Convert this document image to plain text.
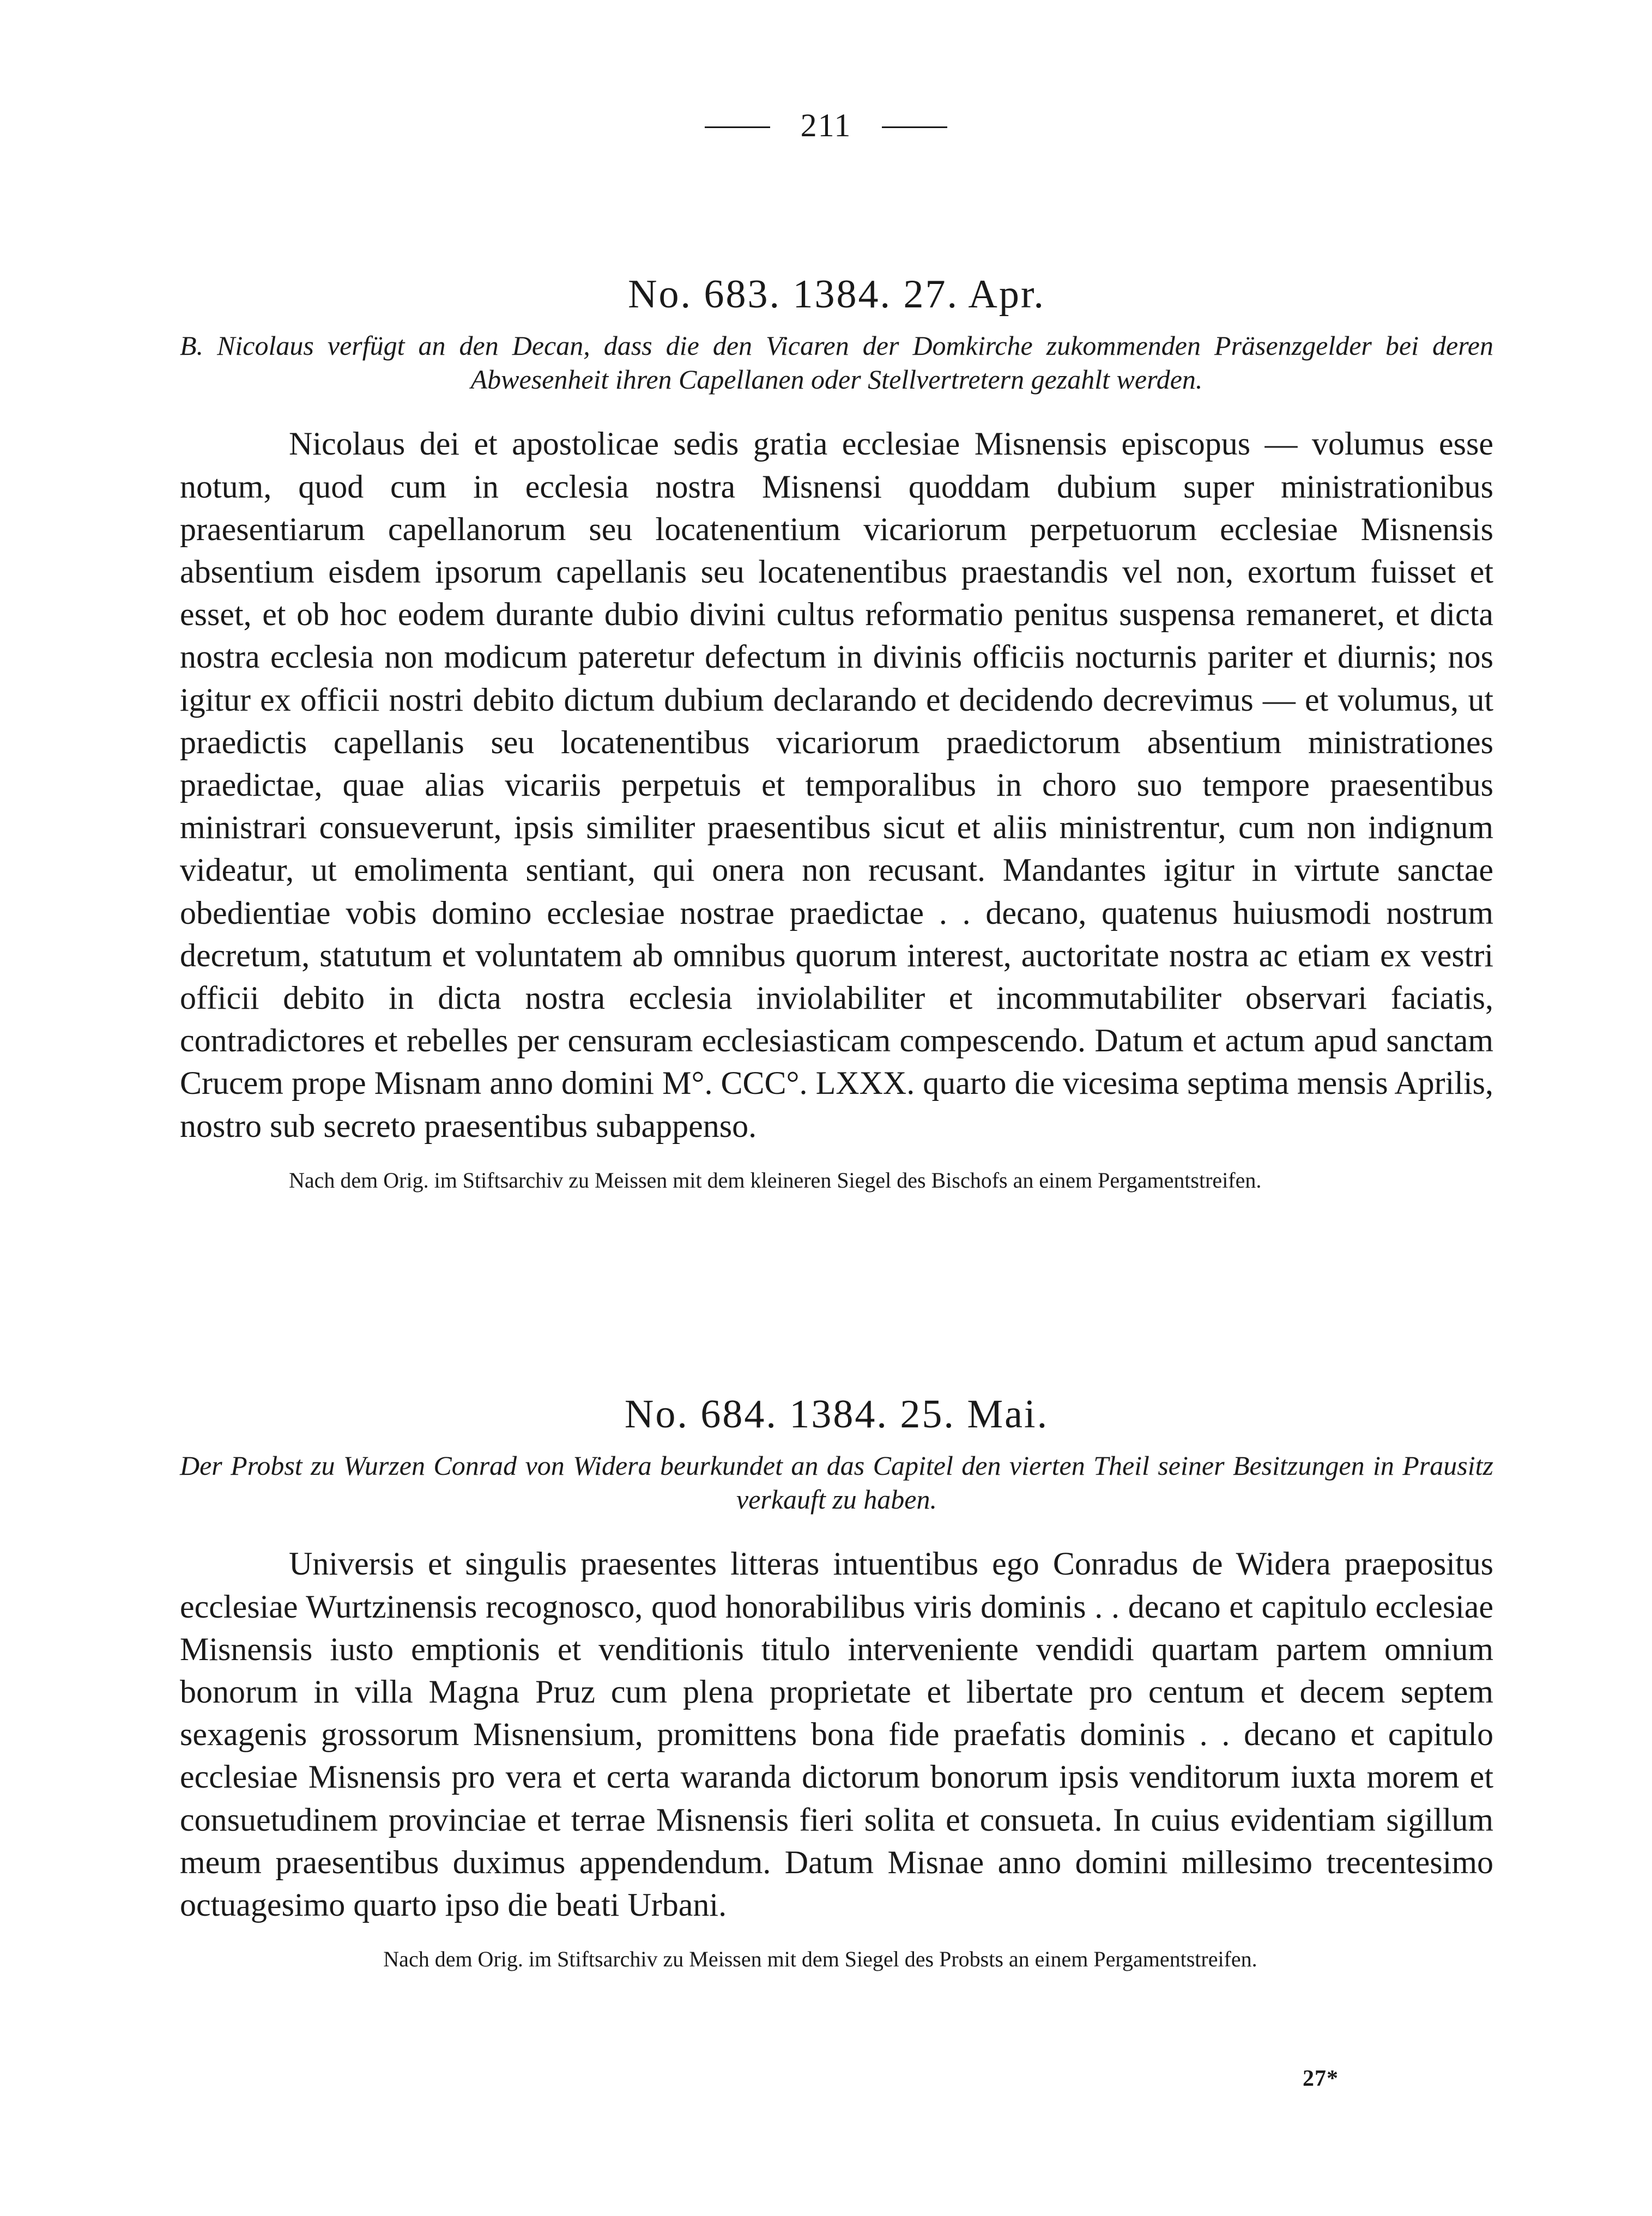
211
No. 683. 1384. 27. Apr.

B. Nicolaus verfügt an den Decan, dass die den Vicaren der Domkirche zukommenden Präsenzgelder bei deren Abwesenheit ihren Capellanen oder Stellvertretern gezahlt werden.

Nicolaus dei et apostolicae sedis gratia ecclesiae Misnensis episcopus — volumus esse notum, quod cum in ecclesia nostra Misnensi quoddam dubium super ministrationibus praesentiarum capellanorum seu locatenentium vicariorum perpetuorum ecclesiae Misnensis absentium eisdem ipsorum capellanis seu locatenentibus praestandis vel non, exortum fuisset et esset, et ob hoc eodem durante dubio divini cultus reformatio penitus suspensa remaneret, et dicta nostra ecclesia non modicum pateretur defectum in divinis officiis nocturnis pariter et diurnis; nos igitur ex officii nostri debito dictum dubium declarando et decidendo decrevimus — et volumus, ut praedictis capellanis seu locatenentibus vicariorum praedictorum absentium ministrationes praedictae, quae alias vicariis perpetuis et temporalibus in choro suo tempore praesentibus ministrari consueverunt, ipsis similiter praesentibus sicut et aliis ministrentur, cum non indignum videatur, ut emolimenta sentiant, qui onera non recusant. Mandantes igitur in virtute sanctae obedientiae vobis domino ecclesiae nostrae praedictae . . decano, quatenus huiusmodi nostrum decretum, statutum et voluntatem ab omnibus quorum interest, auctoritate nostra ac etiam ex vestri officii debito in dicta nostra ecclesia inviolabiliter et incommutabiliter observari faciatis, contradictores et rebelles per censuram ecclesiasticam compescendo. Datum et actum apud sanctam Crucem prope Misnam anno domini M°. CCC°. LXXX. quarto die vicesima septima mensis Aprilis, nostro sub secreto praesentibus subappenso.

Nach dem Orig. im Stiftsarchiv zu Meissen mit dem kleineren Siegel des Bischofs an einem Pergamentstreifen.

No. 684. 1384. 25. Mai.

Der Probst zu Wurzen Conrad von Widera beurkundet an das Capitel den vierten Theil seiner Besitzungen in Prausitz verkauft zu haben.

Universis et singulis praesentes litteras intuentibus ego Conradus de Widera praepositus ecclesiae Wurtzinensis recognosco, quod honorabilibus viris dominis . . decano et capitulo ecclesiae Misnensis iusto emptionis et venditionis titulo interveniente vendidi quartam partem omnium bonorum in villa Magna Pruz cum plena proprietate et libertate pro centum et decem septem sexagenis grossorum Misnensium, promittens bona fide praefatis dominis . . decano et capitulo ecclesiae Misnensis pro vera et certa waranda dictorum bonorum ipsis venditorum iuxta morem et consuetudinem provinciae et terrae Misnensis fieri solita et consueta. In cuius evidentiam sigillum meum praesentibus duximus appendendum. Datum Misnae anno domini millesimo trecentesimo octuagesimo quarto ipso die beati Urbani.

Nach dem Orig. im Stiftsarchiv zu Meissen mit dem Siegel des Probsts an einem Pergamentstreifen.

27*
